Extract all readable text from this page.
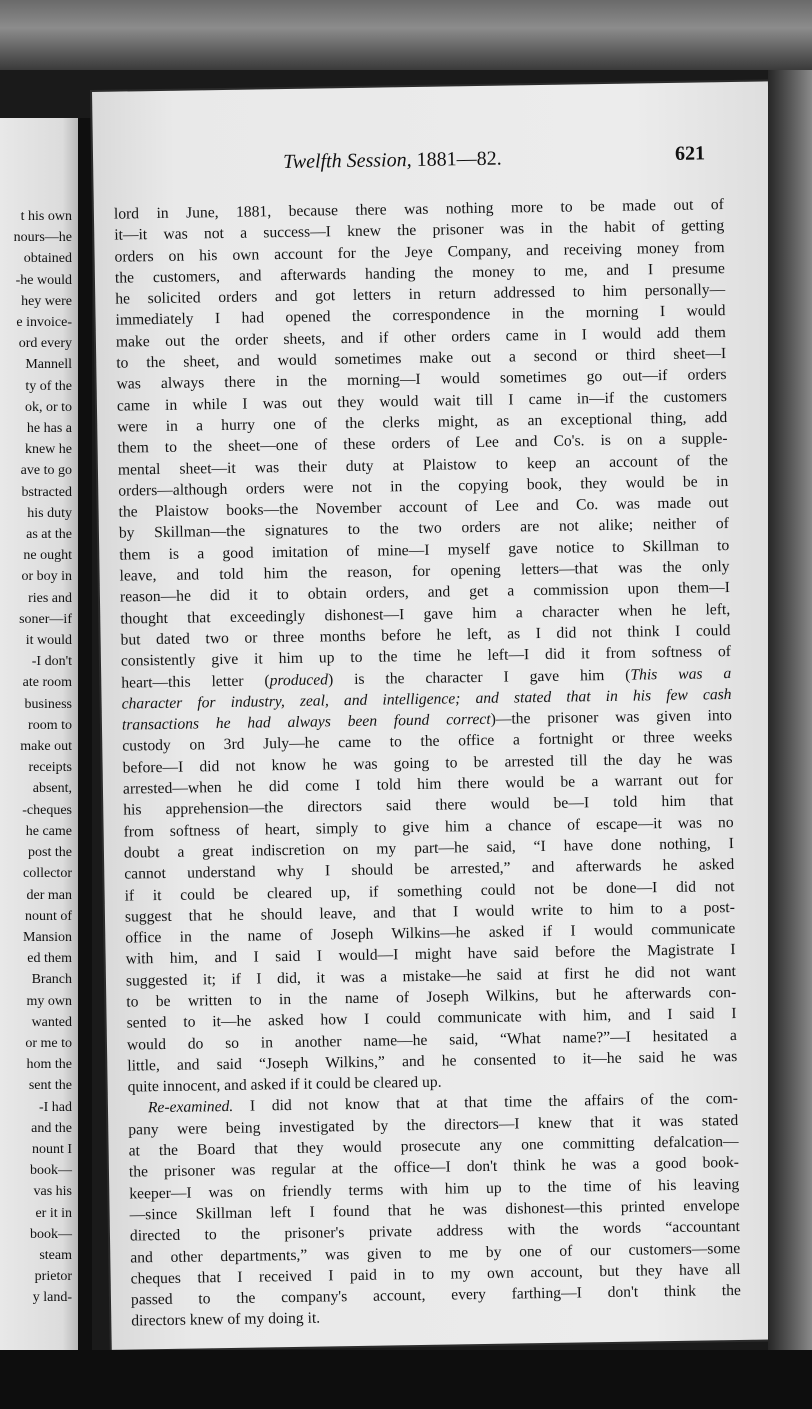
t his own
nours—he
obtained
-he would
hey were
e invoice-
ord every
Mannell
ty of the
ok, or to
he has a
knew he
ave to go
bstracted
his duty
as at the
ne ought
or boy in
ries and
soner—if
it would
-I don't
ate room
business
room to
make out
receipts
absent,
-cheques
he came
post the
collector
der man
nount of
Mansion
ed them
Branch
my own
wanted
or me to
hom the
sent the
-I had
and the
nount I
book—
vas his
er it in
book—
steam
prietor
y land-
Twelfth Session, 1881—82.	621
lord in June, 1881, because there was nothing more to be made out of
it—it was not a success—I knew the prisoner was in the habit of getting
orders on his own account for the Jeye Company, and receiving money from
the customers, and afterwards handing the money to me, and I presume
he solicited orders and got letters in return addressed to him personally—
immediately I had opened the correspondence in the morning I would
make out the order sheets, and if other orders came in I would add them
to the sheet, and would sometimes make out a second or third sheet—I
was always there in the morning—I would sometimes go out—if orders
came in while I was out they would wait till I came in—if the customers
were in a hurry one of the clerks might, as an exceptional thing, add
them to the sheet—one of these orders of Lee and Co's. is on a supple-
mental sheet—it was their duty at Plaistow to keep an account of the
orders—although orders were not in the copying book, they would be in
the Plaistow books—the November account of Lee and Co. was made out
by Skillman—the signatures to the two orders are not alike; neither of
them is a good imitation of mine—I myself gave notice to Skillman to
leave, and told him the reason, for opening letters—that was the only
reason—he did it to obtain orders, and get a commission upon them—I
thought that exceedingly dishonest—I gave him a character when he left,
but dated two or three months before he left, as I did not think I could
consistently give it him up to the time he left—I did it from softness of
heart—this letter (produced) is the character I gave him (This was a
character for industry, zeal, and intelligence; and stated that in his few cash
transactions he had always been found correct)—the prisoner was given into
custody on 3rd July—he came to the office a fortnight or three weeks
before—I did not know he was going to be arrested till the day he was
arrested—when he did come I told him there would be a warrant out for
his apprehension—the directors said there would be—I told him that
from softness of heart, simply to give him a chance of escape—it was no
doubt a great indiscretion on my part—he said, “I have done nothing, I
cannot understand why I should be arrested,” and afterwards he asked
if it could be cleared up, if something could not be done—I did not
suggest that he should leave, and that I would write to him to a post-
office in the name of Joseph Wilkins—he asked if I would communicate
with him, and I said I would—I might have said before the Magistrate I
suggested it; if I did, it was a mistake—he said at first he did not want
to be written to in the name of Joseph Wilkins, but he afterwards con-
sented to it—he asked how I could communicate with him, and I said I
would do so in another name—he said, “What name?”—I hesitated a
little, and said “Joseph Wilkins,” and he consented to it—he said he was
quite innocent, and asked if it could be cleared up.
Re-examined. I did not know that at that time the affairs of the com-
pany were being investigated by the directors—I knew that it was stated
at the Board that they would prosecute any one committing defalcation—
the prisoner was regular at the office—I don't think he was a good book-
keeper—I was on friendly terms with him up to the time of his leaving
—since Skillman left I found that he was dishonest—this printed envelope
directed to the prisoner's private address with the words “accountant
and other departments,” was given to me by one of our customers—some
cheques that I received I paid in to my own account, but they have all
passed to the company's account, every farthing—I don't think the
directors knew of my doing it.
